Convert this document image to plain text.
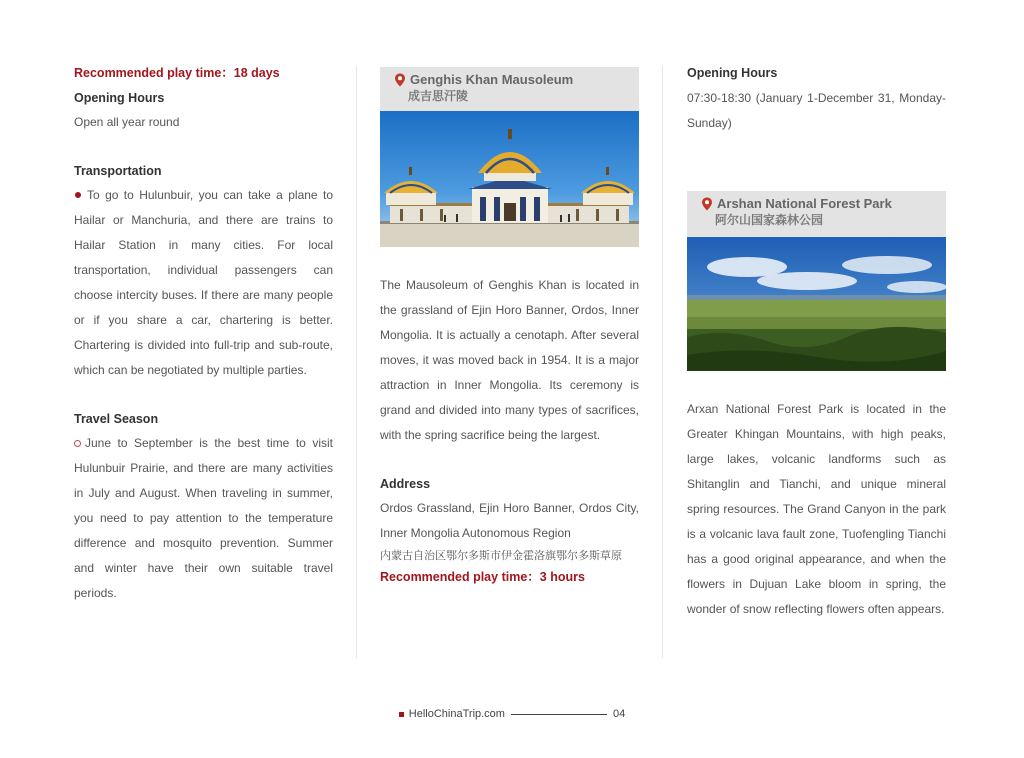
Recommended play time：18 days
Opening Hours
Open all year round
Transportation
To go to Hulunbuir, you can take a plane to Hailar or Manchuria, and there are trains to Hailar Station in many cities. For local transportation, individual passengers can choose intercity buses. If there are many people or if you share a car, chartering is better. Chartering is divided into full-trip and sub-route, which can be negotiated by multiple parties.
Travel Season
June to September is the best time to visit Hulunbuir Prairie, and there are many activities in July and August. When traveling in summer, you need to pay attention to the temperature difference and mosquito prevention. Summer and winter have their own suitable travel periods.
Genghis Khan Mausoleum
成吉思汗陵
The Mausoleum of Genghis Khan is located in the grassland of Ejin Horo Banner, Ordos, Inner Mongolia. It is actually a cenotaph. After several moves, it was moved back in 1954. It is a major attraction in Inner Mongolia. Its ceremony is grand and divided into many types of sacrifices, with the spring sacrifice being the largest.
Address
Ordos Grassland, Ejin Horo Banner, Ordos City, Inner Mongolia Autonomous Region
内蒙古自治区鄂尔多斯市伊金霍洛旗鄂尔多斯草原
Recommended play time：3 hours
Opening Hours
07:30-18:30 (January 1-December 31, Monday-Sunday)
Arshan National Forest Park
阿尔山国家森林公园
Arxan National Forest Park is located in the Greater Khingan Mountains, with high peaks, large lakes, volcanic landforms such as Shitanglin and Tianchi, and unique mineral spring resources. The Grand Canyon in the park is a volcanic lava fault zone, Tuofengling Tianchi has a good original appearance, and when the flowers in Dujuan Lake bloom in spring, the wonder of snow reflecting flowers often appears.
HelloChinaTrip.com	04
